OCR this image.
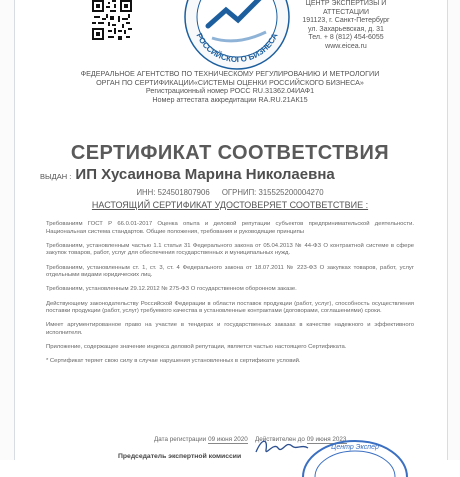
РОССИЙСКОГО БИЗНЕСА
ЦЕНТР ЭКСПЕРТИЗЫ И
АТТЕСТАЦИИ
191123, г. Санкт-Петербург
ул. Захарьевская, д. 31
Тел. + 8 (812) 454-6055
www.eicea.ru
ФЕДЕРАЛЬНОЕ АГЕНТСТВО ПО ТЕХНИЧЕСКОМУ РЕГУЛИРОВАНИЮ И МЕТРОЛОГИИ
ОРГАН ПО СЕРТИФИКАЦИИ«СИСТЕМЫ ОЦЕНКИ РОССИЙСКОГО БИЗНЕСА»
Регистрационный номер РОСС RU.31362.04ИАФ1
Номер аттестата аккредитации RA.RU.21АК15
СЕРТИФИКАТ СООТВЕТСТВИЯ
ВЫДАН : ИП Хусаинова Марина Николаевна
ИНН: 524501807906 ОГРНИП: 315525200004270
НАСТОЯЩИЙ СЕРТИФИКАТ УДОСТОВЕРЯЕТ СООТВЕТСТВИЕ :

Требованиям ГОСТ Р 66.0.01-2017 Оценка опыта и деловой репутации субъектов предпринимательской деятельности. Национальная система стандартов. Общие положения, требования и руководящие принципы

Требованиям, установленным частью 1.1 статьи 31 Федерального закона от 05.04.2013 № 44-ФЗ О контрактной системе в сфере закупок товаров, работ, услуг для обеспечения государственных и муниципальных нужд.

Требованиям, установленным ст. 1, ст. 3, ст. 4 Федерального закона от 18.07.2011 № 223-ФЗ О закупках товаров, работ, услуг отдельными видами юридических лиц.

Требованиям, установленным 29.12.2012 № 275-ФЗ О государственном оборонном заказе.

Действующему законодательству Российской Федерации в области поставок продукции (работ, услуг), способность осуществления поставки продукции (работ, услуг) требуемого качества в установленные контрактами (договорами, соглашениями) сроки.

Имеет аргументированное право на участие в тендерах и государственных заказах в качестве надежного и эффективного исполнителя.

Приложение, содержащее значение индекса деловой репутации, является частью настоящего Сертификата.

* Сертификат теряет свою силу в случае нарушения установленных в сертификате условий.

Дата регистрации 09 июня 2020 Действителен до 09 июня 2023
Председатель экспертной комиссии
Центр Экспер
